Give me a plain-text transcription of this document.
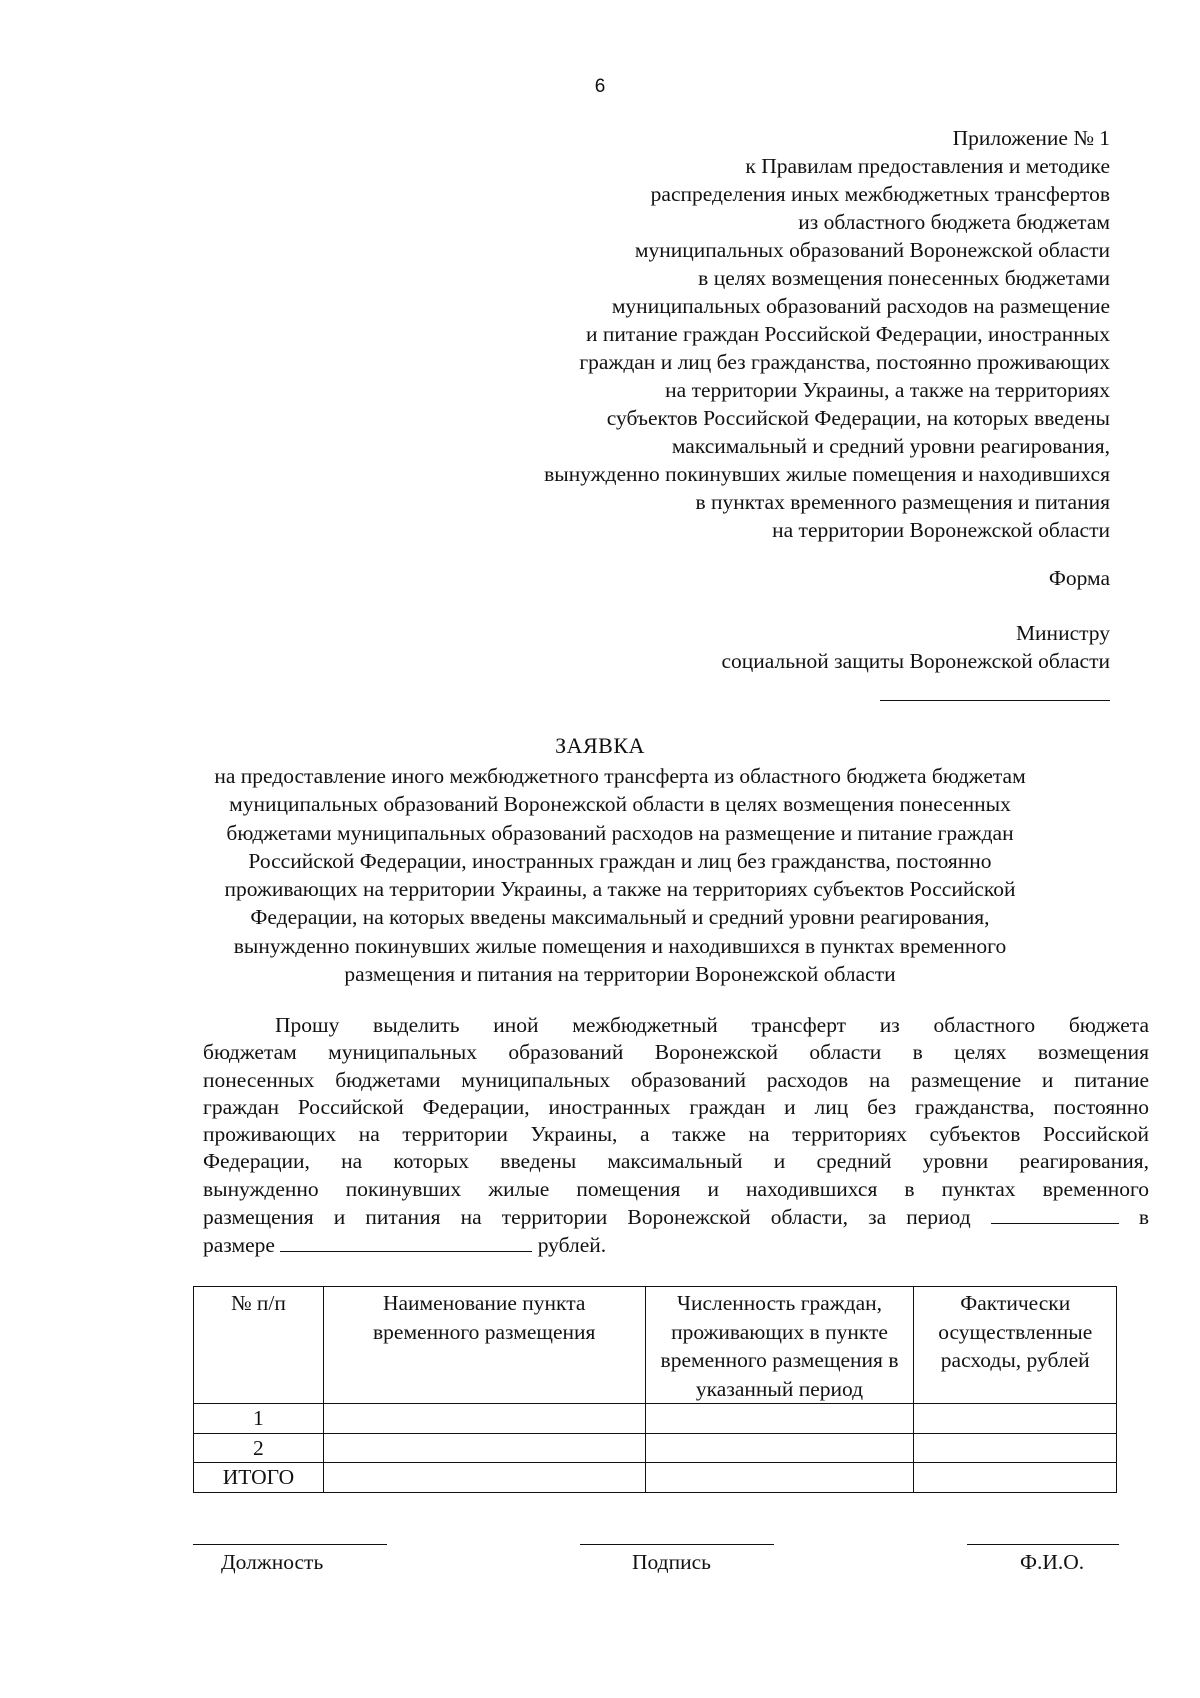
6
Приложение № 1
к Правилам предоставления и методике
распределения иных межбюджетных трансфертов
из областного бюджета бюджетам
муниципальных образований Воронежской области
в целях возмещения понесенных бюджетами
муниципальных образований расходов на размещение
и питание граждан Российской Федерации, иностранных
граждан и лиц без гражданства, постоянно проживающих
на территории Украины, а также на территориях
субъектов Российской Федерации, на которых введены
максимальный и средний уровни реагирования,
вынужденно покинувших жилые помещения и находившихся
в пунктах временного размещения и питания
на территории Воронежской области
Форма
Министру
социальной защиты Воронежской области
ЗАЯВКА
на предоставление иного межбюджетного трансферта из областного бюджета бюджетам
муниципальных образований Воронежской области в целях возмещения понесенных
бюджетами муниципальных образований расходов на размещение и питание граждан
Российской Федерации, иностранных граждан и лиц без гражданства, постоянно
проживающих на территории Украины, а также на территориях субъектов Российской
Федерации, на которых введены максимальный и средний уровни реагирования,
вынужденно покинувших жилые помещения и находившихся в пунктах временного
размещения и питания на территории Воронежской области
Прошу выделить иной межбюджетный трансферт из областного бюджета
бюджетам муниципальных образований Воронежской области в целях возмещения
понесенных бюджетами муниципальных образований расходов на размещение и питание
граждан Российской Федерации, иностранных граждан и лиц без гражданства, постоянно
проживающих на территории Украины, а также на территориях субъектов Российской
Федерации, на которых введены максимальный и средний уровни реагирования,
вынужденно покинувших жилые помещения и находившихся в пунктах временного
размещения и питания на территории Воронежской области, за период	в
размере	рублей.
№ п/п	Наименование пункта временного размещения	Численность граждан, проживающих в пункте временного размещения в указанный период	Фактически осуществленные расходы, рублей
1			
2			
ИТОГО			
Должность	Подпись	Ф.И.О.
